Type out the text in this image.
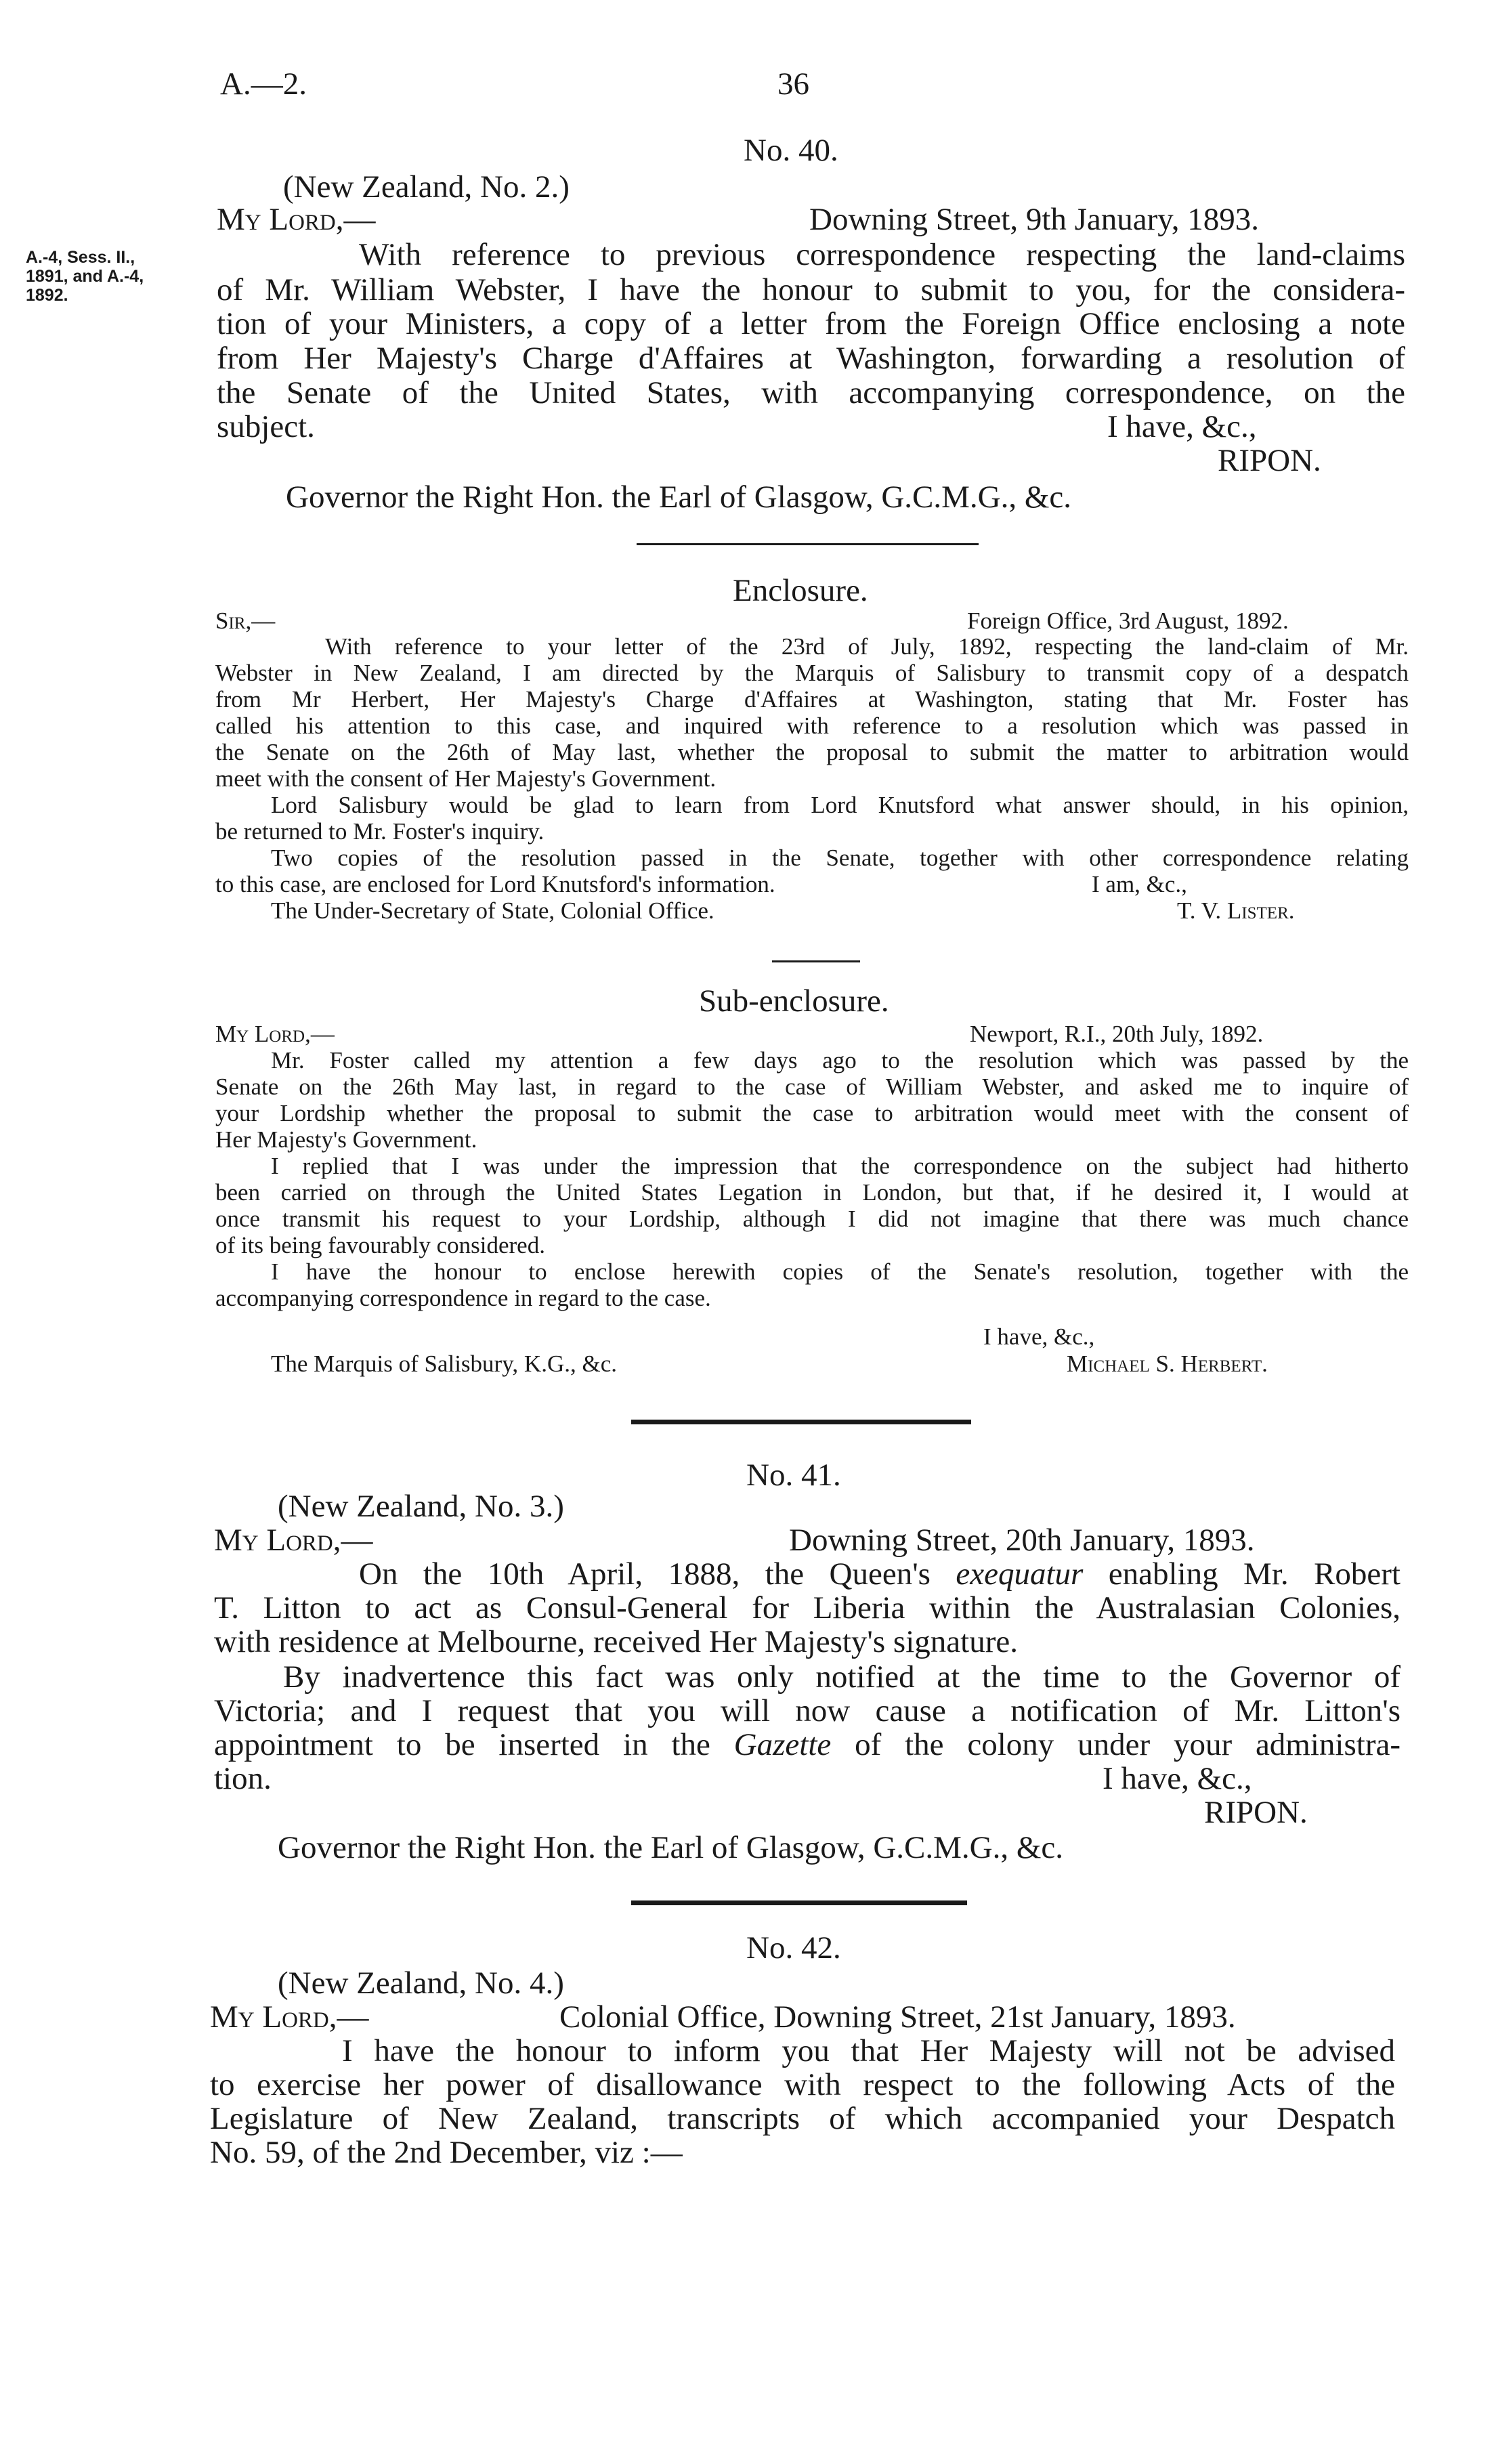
A.—2.	36
A.-4, Sess. II.,
1891, and A.-4,
1892.
No. 40.
(New Zealand, No. 2.)
My Lord,—	Downing Street, 9th January, 1893.
With reference to previous correspondence respecting the land-claims
of Mr. William Webster, I have the honour to submit to you, for the considera-
tion of your Ministers, a copy of a letter from the Foreign Office enclosing a note
from Her Majesty's Charge d'Affaires at Washington, forwarding a resolution of
the Senate of the United States, with accompanying correspondence, on the
subject.	I have, &c.,
RIPON.
Governor the Right Hon. the Earl of Glasgow, G.C.M.G., &c.
Enclosure.
Sir,—	Foreign Office, 3rd August, 1892.
With reference to your letter of the 23rd of July, 1892, respecting the land-claim of Mr.
Webster in New Zealand, I am directed by the Marquis of Salisbury to transmit copy of a despatch
from Mr Herbert, Her Majesty's Charge d'Affaires at Washington, stating that Mr. Foster has
called his attention to this case, and inquired with reference to a resolution which was passed in
the Senate on the 26th of May last, whether the proposal to submit the matter to arbitration would
meet with the consent of Her Majesty's Government.
Lord Salisbury would be glad to learn from Lord Knutsford what answer should, in his opinion,
be returned to Mr. Foster's inquiry.
Two copies of the resolution passed in the Senate, together with other correspondence relating
to this case, are enclosed for Lord Knutsford's information.	I am, &c.,
The Under-Secretary of State, Colonial Office.	T. V. Lister.
Sub-enclosure.
My Lord,—	Newport, R.I., 20th July, 1892.
Mr. Foster called my attention a few days ago to the resolution which was passed by the
Senate on the 26th May last, in regard to the case of William Webster, and asked me to inquire of
your Lordship whether the proposal to submit the case to arbitration would meet with the consent of
Her Majesty's Government.
I replied that I was under the impression that the correspondence on the subject had hitherto
been carried on through the United States Legation in London, but that, if he desired it, I would at
once transmit his request to your Lordship, although I did not imagine that there was much chance
of its being favourably considered.
I have the honour to enclose herewith copies of the Senate's resolution, together with the
accompanying correspondence in regard to the case.
I have, &c.,
The Marquis of Salisbury, K.G., &c.	Michael S. Herbert.
No. 41.
(New Zealand, No. 3.)
My Lord,—	Downing Street, 20th January, 1893.
On the 10th April, 1888, the Queen's exequatur enabling Mr. Robert
T. Litton to act as Consul-General for Liberia within the Australasian Colonies,
with residence at Melbourne, received Her Majesty's signature.
By inadvertence this fact was only notified at the time to the Governor of
Victoria; and I request that you will now cause a notification of Mr. Litton's
appointment to be inserted in the Gazette of the colony under your administra-
tion.	I have, &c.,
RIPON.
Governor the Right Hon. the Earl of Glasgow, G.C.M.G., &c.
No. 42.
(New Zealand, No. 4.)
My Lord,—	Colonial Office, Downing Street, 21st January, 1893.
I have the honour to inform you that Her Majesty will not be advised
to exercise her power of disallowance with respect to the following Acts of the
Legislature of New Zealand, transcripts of which accompanied your Despatch
No. 59, of the 2nd December, viz :—
